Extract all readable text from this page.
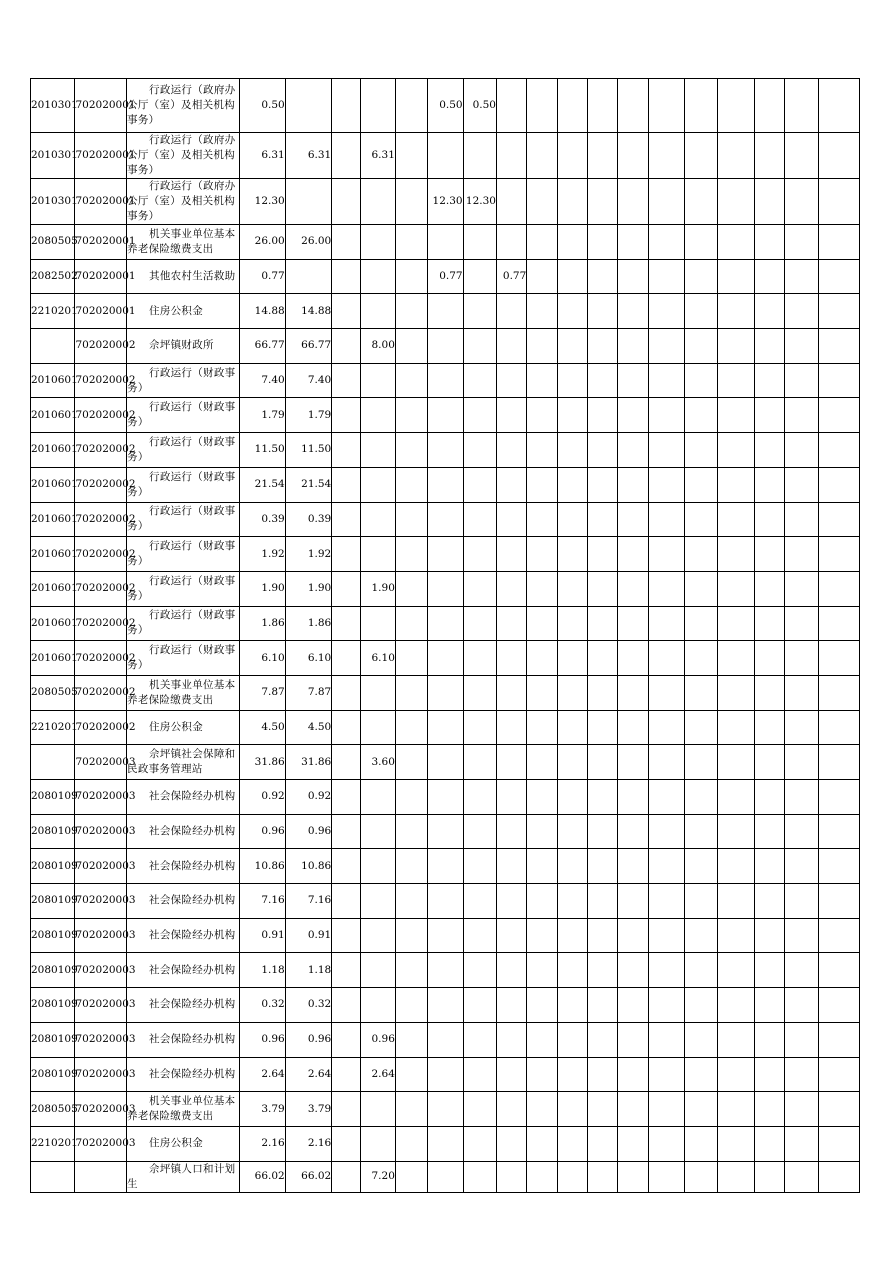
2010301	702020001	行政运行（政府办公厅（室）及相关机构事务）	0.50					0.50	0.50											
2010301	702020001	行政运行（政府办公厅（室）及相关机构事务）	6.31	6.31		6.31														
2010301	702020001	行政运行（政府办公厅（室）及相关机构事务）	12.30					12.30	12.30											
2080505	702020001	机关事业单位基本养老保险缴费支出	26.00	26.00																
2082502	702020001	其他农村生活救助	0.77					0.77		0.77										
2210201	702020001	住房公积金	14.88	14.88																
	702020002	佘坪镇财政所	66.77	66.77		8.00														
2010601	702020002	行政运行（财政事务）	7.40	7.40																
2010601	702020002	行政运行（财政事务）	1.79	1.79																
2010601	702020002	行政运行（财政事务）	11.50	11.50																
2010601	702020002	行政运行（财政事务）	21.54	21.54																
2010601	702020002	行政运行（财政事务）	0.39	0.39																
2010601	702020002	行政运行（财政事务）	1.92	1.92																
2010601	702020002	行政运行（财政事务）	1.90	1.90		1.90														
2010601	702020002	行政运行（财政事务）	1.86	1.86																
2010601	702020002	行政运行（财政事务）	6.10	6.10		6.10														
2080505	702020002	机关事业单位基本养老保险缴费支出	7.87	7.87																
2210201	702020002	住房公积金	4.50	4.50																
	702020003	佘坪镇社会保障和民政事务管理站	31.86	31.86		3.60														
2080109	702020003	社会保险经办机构	0.92	0.92																
2080109	702020003	社会保险经办机构	0.96	0.96																
2080109	702020003	社会保险经办机构	10.86	10.86																
2080109	702020003	社会保险经办机构	7.16	7.16																
2080109	702020003	社会保险经办机构	0.91	0.91																
2080109	702020003	社会保险经办机构	1.18	1.18																
2080109	702020003	社会保险经办机构	0.32	0.32																
2080109	702020003	社会保险经办机构	0.96	0.96		0.96														
2080109	702020003	社会保险经办机构	2.64	2.64		2.64														
2080505	702020003	机关事业单位基本养老保险缴费支出	3.79	3.79																
2210201	702020003	住房公积金	2.16	2.16																

		佘坪镇人口和计划生	66.02	66.02		7.20														
